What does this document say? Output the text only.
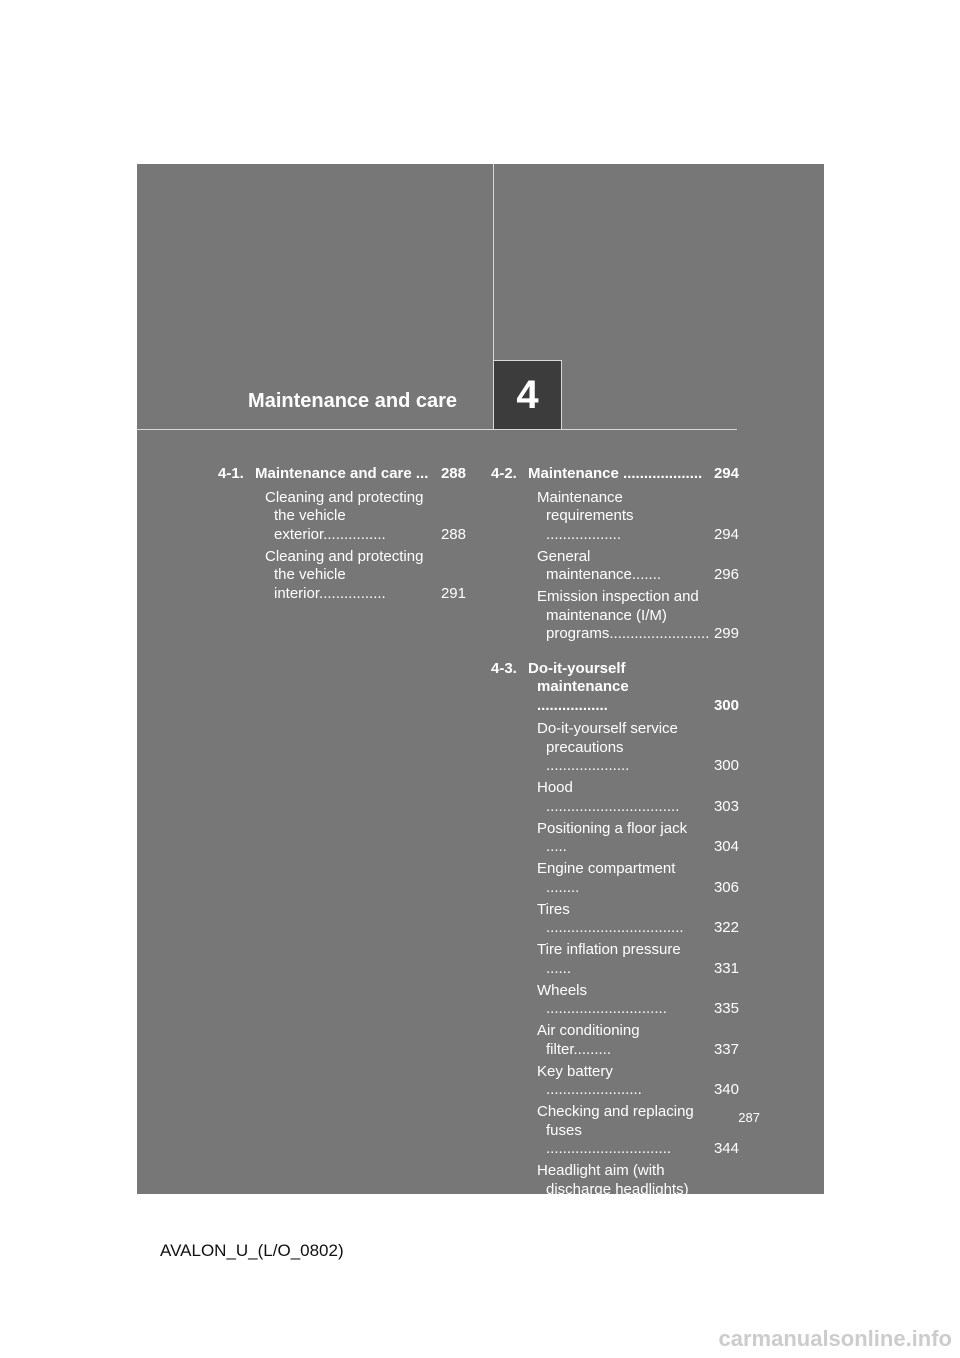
Maintenance and care 4
4-1. Maintenance and care ... 288
Cleaning and protecting the vehicle exterior...............	288
Cleaning and protecting the vehicle interior................	291
4-2. Maintenance ................... 294
Maintenance requirements ..................	294
General maintenance.......	296
Emission inspection and maintenance (I/M) programs........................ 299
4-3. Do-it-yourself maintenance .................	300
Do-it-yourself service precautions ....................	300
Hood ................................	303
Positioning a floor jack .....	304
Engine compartment ........	306
Tires .................................	322
Tire inflation pressure ......	331
Wheels .............................	335
Air conditioning filter.........	337
Key battery .......................	340
Checking and replacing fuses ..............................	344
Headlight aim (with discharge headlights) .....	353
Light bulbs........................	355
287
AVALON_U_(L/O_0802)
carmanualsonline.info
